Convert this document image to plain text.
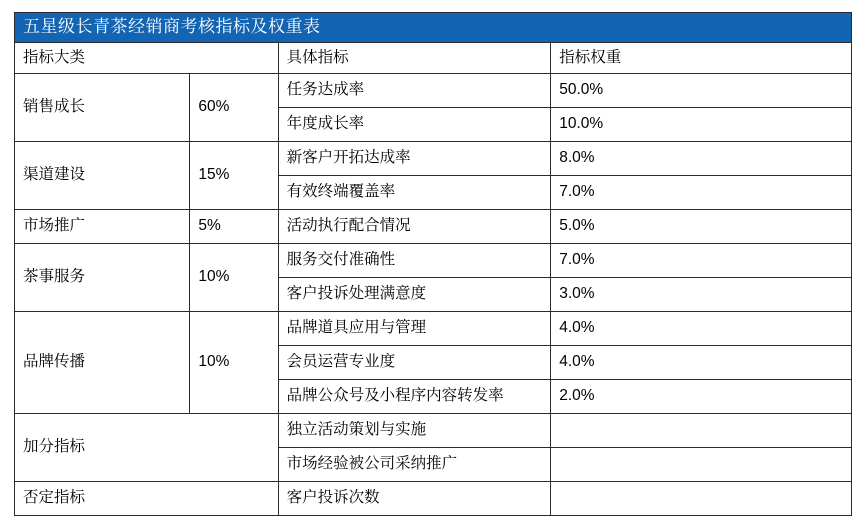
五星级长青茶经销商考核指标及权重表			
指标大类		具体指标	指标权重
销售成长	60%	任务达成率	50.0%
		年度成长率	10.0%
渠道建设	15%	新客户开拓达成率	8.0%
		有效终端覆盖率	7.0%
市场推广	5%	活动执行配合情况	5.0%
茶事服务	10%	服务交付准确性	7.0%
		客户投诉处理满意度	3.0%
品牌传播	10%	品牌道具应用与管理	4.0%
		会员运营专业度	4.0%
		品牌公众号及小程序内容转发率	2.0%
加分指标		独立活动策划与实施	
		市场经验被公司采纳推广	
否定指标		客户投诉次数	
